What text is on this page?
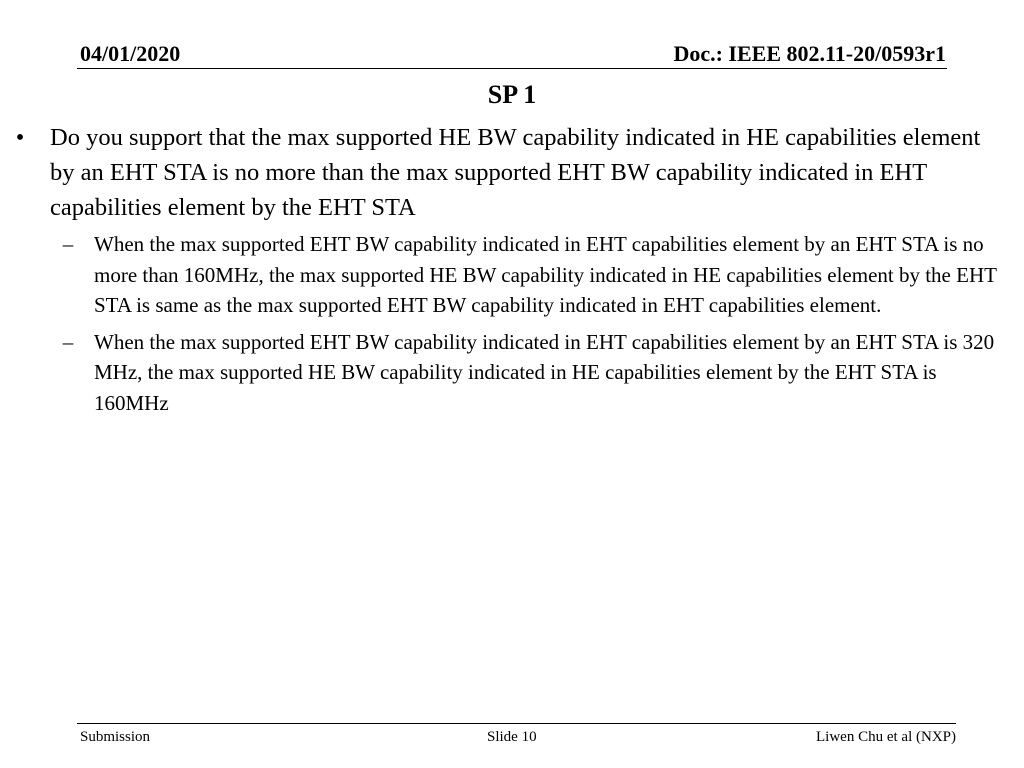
04/01/2020	Doc.: IEEE 802.11-20/0593r1
SP 1

• Do you support that the max supported HE BW capability indicated in HE capabilities element by an EHT STA is no more than the max supported EHT BW capability indicated in EHT capabilities element by the EHT STA

– When the max supported EHT BW capability indicated in EHT capabilities element by an EHT STA is no more than 160MHz, the max supported HE BW capability indicated in HE capabilities element by the EHT STA is same as the max supported EHT BW capability indicated in EHT capabilities element.

– When the max supported EHT BW capability indicated in EHT capabilities element by an EHT STA is 320 MHz, the max supported HE BW capability indicated in HE capabilities element by the EHT STA is 160MHz

Submission	Slide 10	Liwen Chu et al (NXP)
